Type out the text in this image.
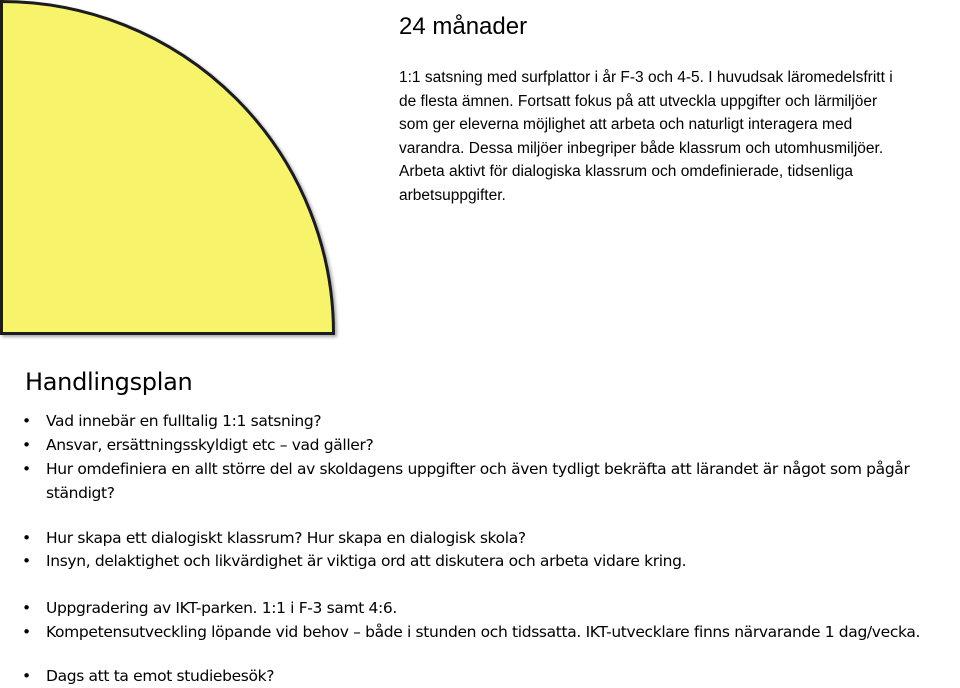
24 månader

1:1 satsning med surfplattor i år F-3 och 4-5. I huvudsak läromedelsfritt i
de flesta ämnen. Fortsatt fokus på att utveckla uppgifter och lärmiljöer
som ger eleverna möjlighet att arbeta och naturligt interagera med
varandra. Dessa miljöer inbegriper både klassrum och utomhusmiljöer.
Arbeta aktivt för dialogiska klassrum och omdefinierade, tidsenliga
arbetsuppgifter.

Handlingsplan
• Vad innebär en fulltalig 1:1 satsning?
• Ansvar, ersättningsskyldigt etc – vad gäller?
• Hur omdefiniera en allt större del av skoldagens uppgifter och även tydligt bekräfta att lärandet är något som pågår ständigt?
• Hur skapa ett dialogiskt klassrum? Hur skapa en dialogisk skola?
• Insyn, delaktighet och likvärdighet är viktiga ord att diskutera och arbeta vidare kring.
• Uppgradering av IKT-parken. 1:1 i F-3 samt 4:6.
• Kompetensutveckling löpande vid behov – både i stunden och tidssatta. IKT-utvecklare finns närvarande 1 dag/vecka.
• Dags att ta emot studiebesök?
